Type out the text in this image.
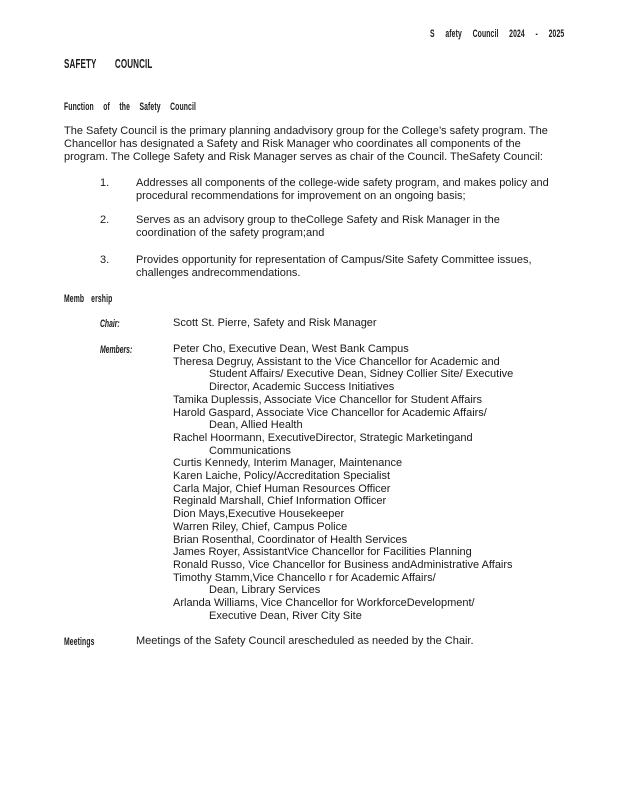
S afety Council 2024 - 2025
SAFETY COUNCIL
Function of the Safety Council
The Safety Council is the primary planning andadvisory group for the College’s safety program. The
Chancellor has designated a Safety and Risk Manager who coordinates all components of the
program. The College Safety and Risk Manager serves as chair of the Council. TheSafety Council:
1. Addresses all components of the college-wide safety program, and makes policy and
procedural recommendations for improvement on an ongoing basis;
2. Serves as an advisory group to theCollege Safety and Risk Manager in the
coordination of the safety program;and
3. Provides opportunity for representation of Campus/Site Safety Committee issues,
challenges andrecommendations.
Memb ership
Chair:	Scott St. Pierre, Safety and Risk Manager
Members:	Peter Cho, Executive Dean, West Bank Campus
Theresa Degruy, Assistant to the Vice Chancellor for Academic and
Student Affairs/ Executive Dean, Sidney Collier Site/ Executive
Director, Academic Success Initiatives
Tamika Duplessis, Associate Vice Chancellor for Student Affairs
Harold Gaspard, Associate Vice Chancellor for Academic Affairs/
Dean, Allied Health
Rachel Hoormann, ExecutiveDirector, Strategic Marketingand
Communications
Curtis Kennedy, Interim Manager, Maintenance
Karen Laiche, Policy/Accreditation Specialist
Carla Major, Chief Human Resources Officer
Reginald Marshall, Chief Information Officer
Dion Mays,Executive Housekeeper
Warren Riley, Chief, Campus Police
Brian Rosenthal, Coordinator of Health Services
James Royer, AssistantVice Chancellor for Facilities Planning
Ronald Russo, Vice Chancellor for Business andAdministrative Affairs
Timothy Stamm,Vice Chancello r for Academic Affairs/
Dean, Library Services
Arlanda Williams, Vice Chancellor for WorkforceDevelopment/
Executive Dean, River City Site
Meetings	Meetings of the Safety Council arescheduled as needed by the Chair.
